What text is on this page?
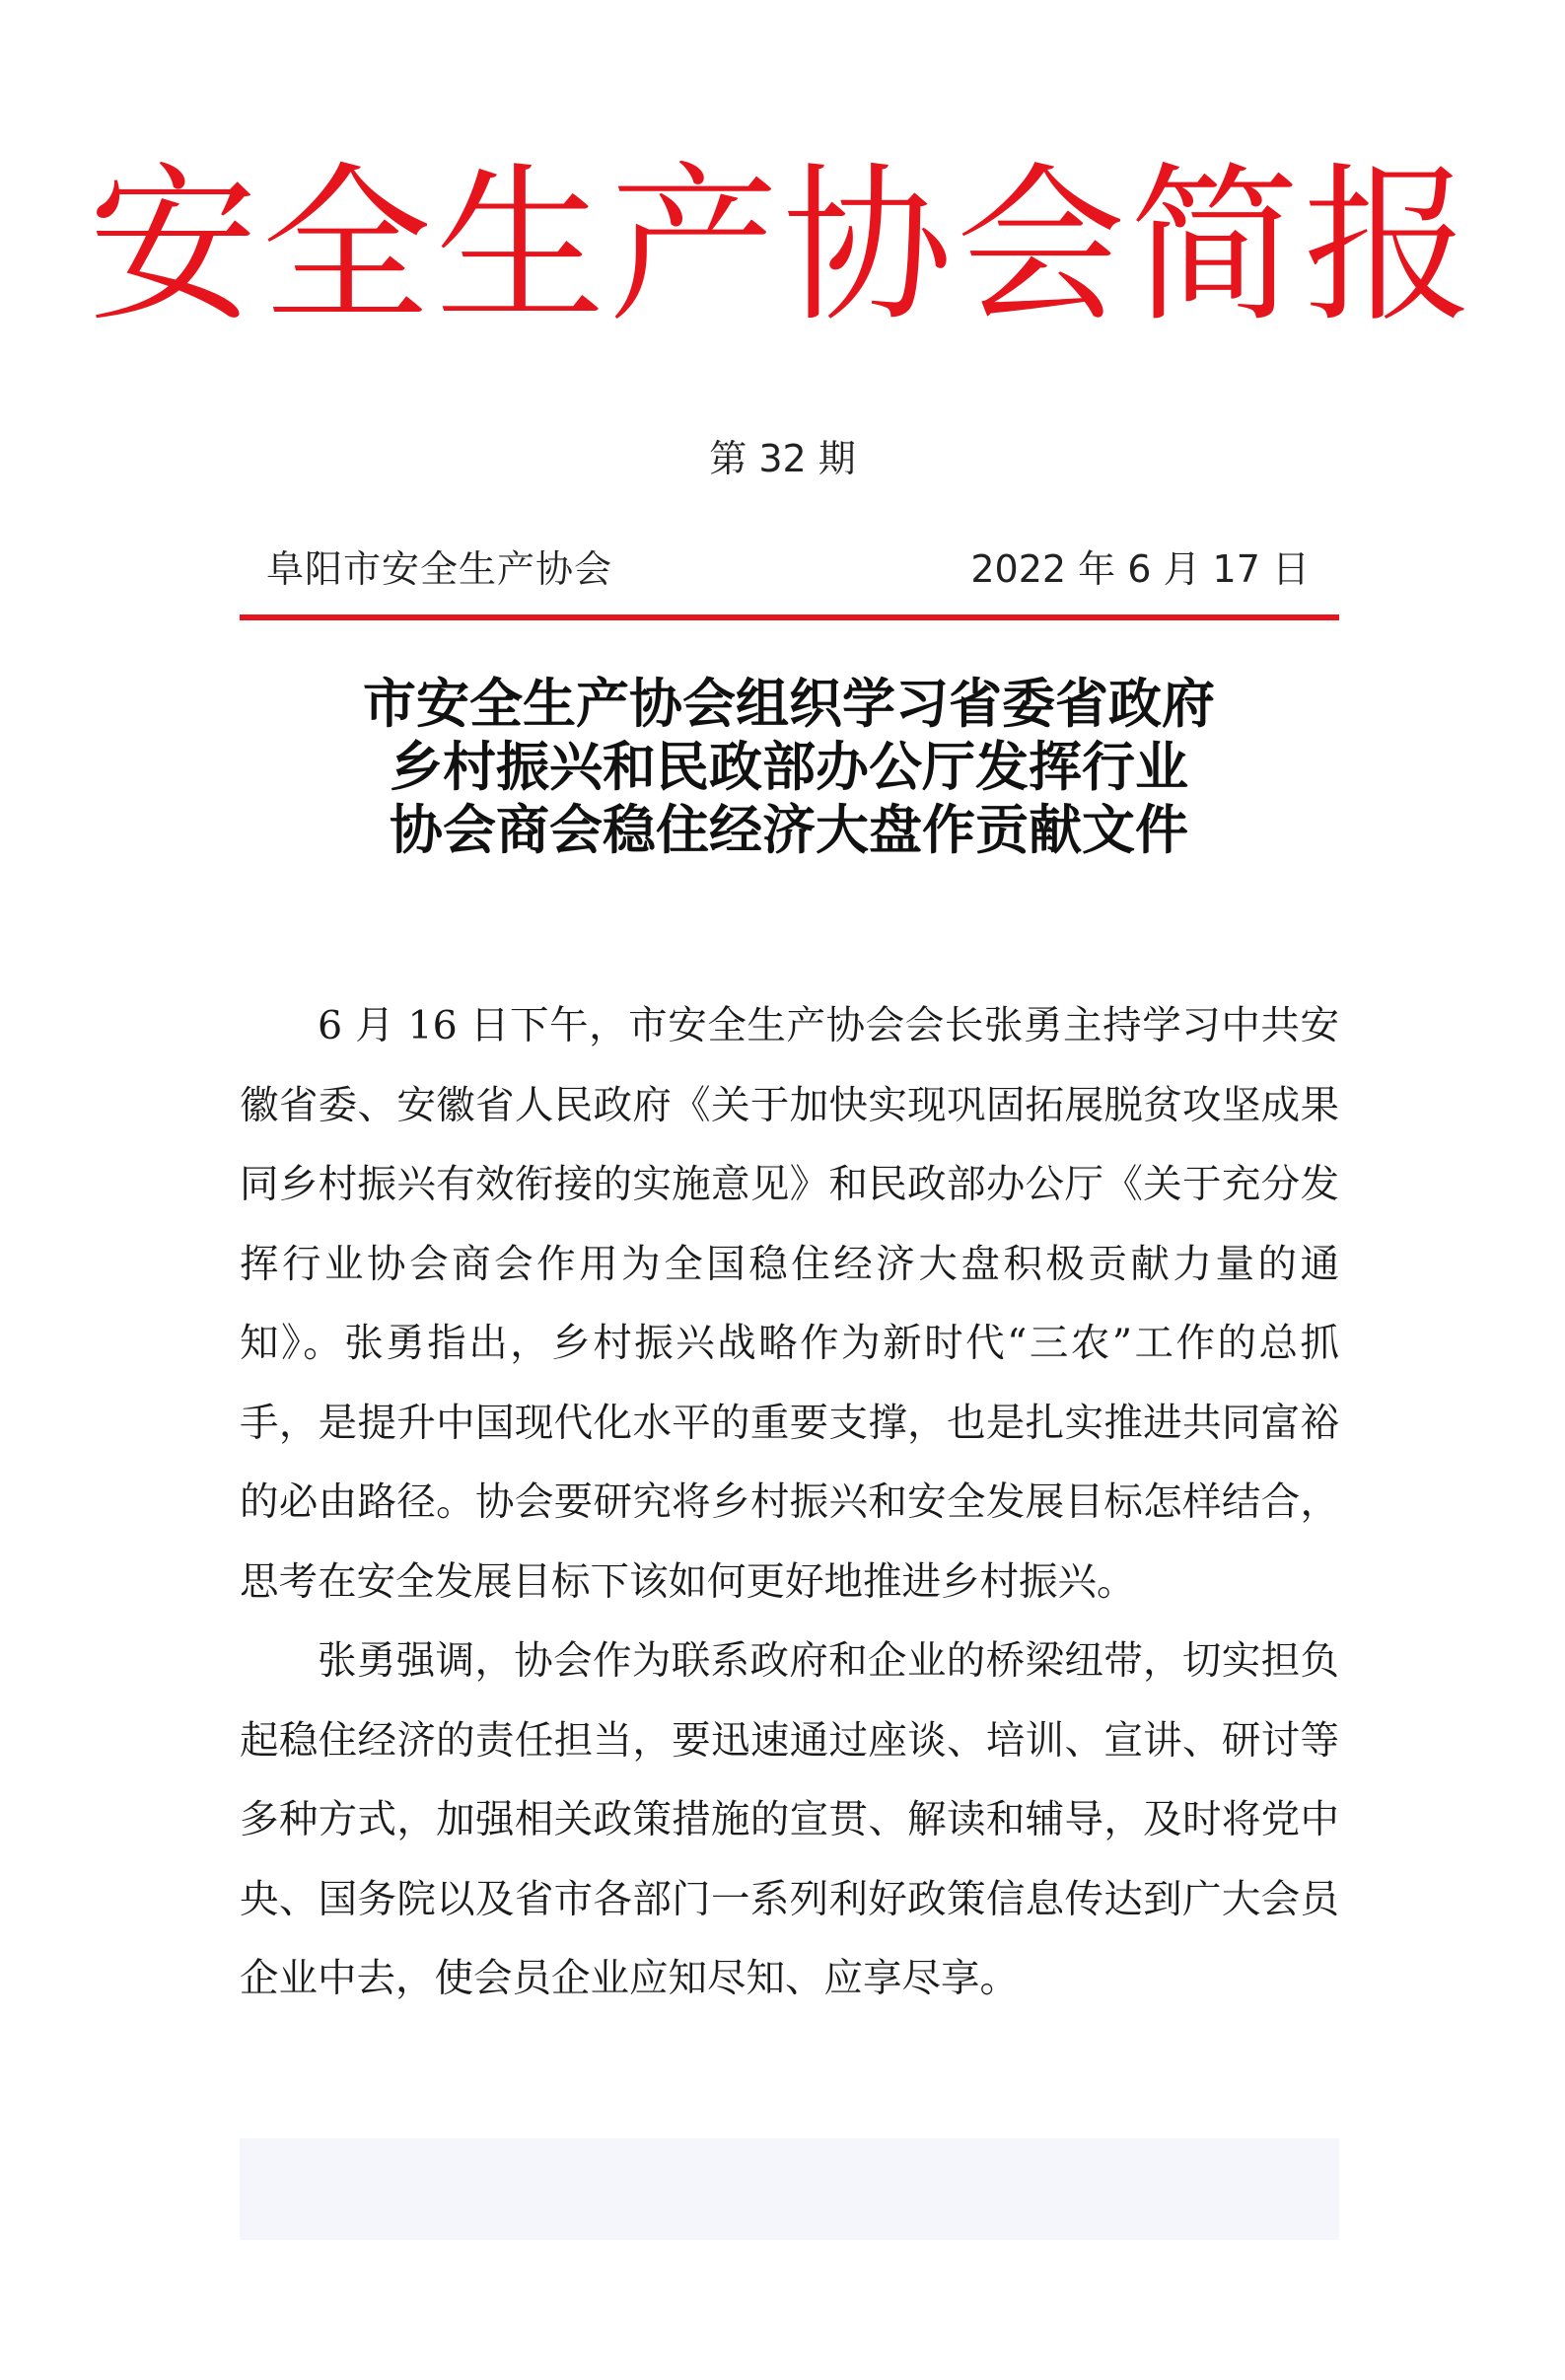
安全生产协会简报
第 32 期
阜阳市安全生产协会	2022 年 6 月 17 日
市安全生产协会组织学习省委省政府
乡村振兴和民政部办公厅发挥行业
协会商会稳住经济大盘作贡献文件

6 月 16 日下午，市安全生产协会会长张勇主持学习中共安徽省委、安徽省人民政府《关于加快实现巩固拓展脱贫攻坚成果同乡村振兴有效衔接的实施意见》和民政部办公厅《关于充分发挥行业协会商会作用为全国稳住经济大盘积极贡献力量的通知》。张勇指出，乡村振兴战略作为新时代“三农”工作的总抓手，是提升中国现代化水平的重要支撑，也是扎实推进共同富裕的必由路径。协会要研究将乡村振兴和安全发展目标怎样结合，思考在安全发展目标下该如何更好地推进乡村振兴。

张勇强调，协会作为联系政府和企业的桥梁纽带，切实担负起稳住经济的责任担当，要迅速通过座谈、培训、宣讲、研讨等多种方式，加强相关政策措施的宣贯、解读和辅导，及时将党中央、国务院以及省市各部门一系列利好政策信息传达到广大会员企业中去，使会员企业应知尽知、应享尽享。
